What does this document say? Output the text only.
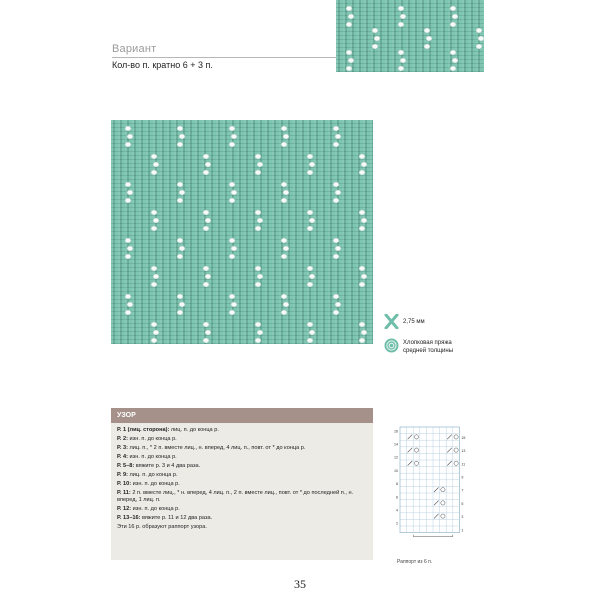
Вариант
Кол-во п. кратно 6 + 3 п.
2,75 мм
Хлопковая пряжа средней толщины
УЗОР
Р. 1 (лиц. сторона): лиц. п. до конца р.
Р. 2: изн. п. до конца р.
Р. 3: лиц. п., * 2 п. вместе лиц., н. вперед, 4 лиц. п., повт. от * до конца р.
Р. 4: изн. п. до конца р.
Р. 5–8: вяжите р. 3 и 4 два раза.
Р. 9: лиц. п. до конца р.
Р. 10: изн. п. до конца р.
Р. 11: 2 п. вместе лиц., * н. вперед, 4 лиц. п., 2 п. вместе лиц., повт. от * до последней п., н. вперед, 1 лиц. п.
Р. 12: изн. п. до конца р.
Р. 13–16: вяжите р. 11 и 12 два раза.
Эти 16 р. образуют раппорт узора.
16
14
12
10
8
6
4
2
15
13
11
9
7
5
3
1
Раппорт из 6 п.
35
